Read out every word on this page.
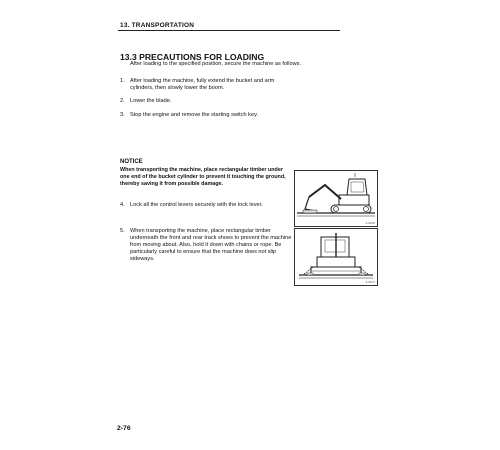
13. TRANSPORTATION
13.3 PRECAUTIONS FOR LOADING
After loading to the specified position, secure the machine as follows.
1. After loading the machine, fully extend the bucket and arm cylinders, then slowly lower the boom.
2. Lower the blade.
3. Stop the engine and remove the starting switch key.
NOTICE
When transporting the machine, place rectangular timber under one end of the bucket cylinder to prevent it touching the ground, thereby saving it from possible damage.
4. Lock all the control levers securely with the lock lever.
5. When transporting the machine, place rectangular timber underneath the front and rear track shoes to prevent the machine from moving about. Also, hold it down with chains or rope. Be particularly careful to ensure that the machine does not slip sideways.
2-0106
2-0107
2-76
